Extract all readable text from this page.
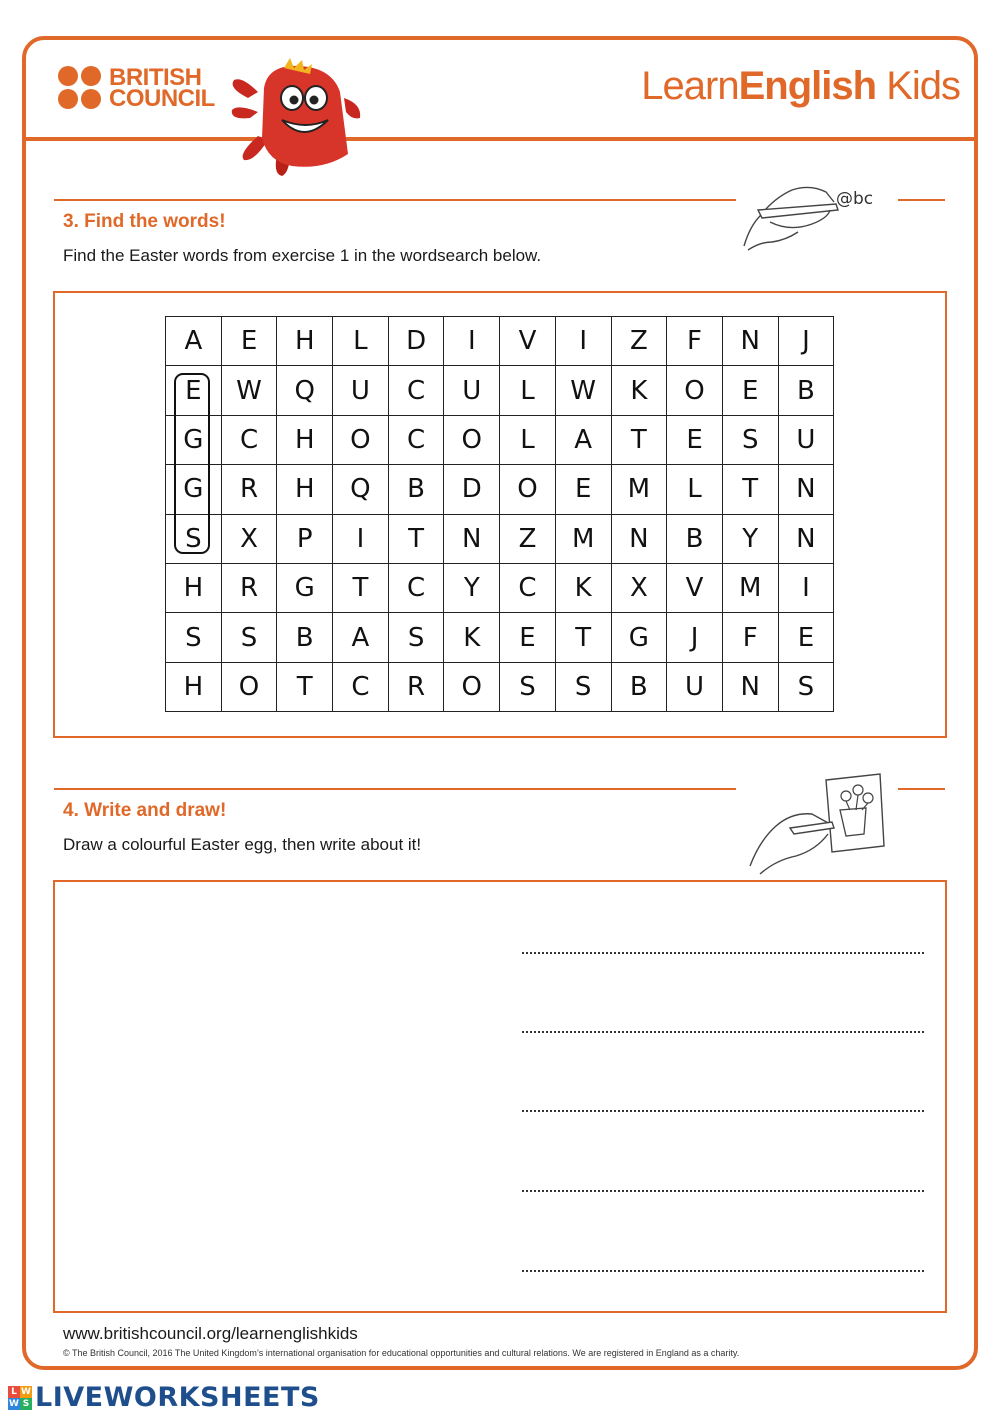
BRITISH
COUNCIL	LearnEnglish Kids
@bc
3. Find the words!
Find the Easter words from exercise 1 in the wordsearch below.
A	E	H	L	D	I	V	I	Z	F	N	J
E	W	Q	U	C	U	L	W	K	O	E	B
G	C	H	O	C	O	L	A	T	E	S	U
G	R	H	Q	B	D	O	E	M	L	T	N
S	X	P	I	T	N	Z	M	N	B	Y	N
H	R	G	T	C	Y	C	K	X	V	M	I
S	S	B	A	S	K	E	T	G	J	F	E
H	O	T	C	R	O	S	S	B	U	N	S
4. Write and draw!
Draw a colourful Easter egg, then write about it!
www.britishcouncil.org/learnenglishkids
© The British Council, 2016 The United Kingdom’s international organisation for educational opportunities and cultural relations. We are registered in England as a charity.
L W
W S LIVEWORKSHEETS
